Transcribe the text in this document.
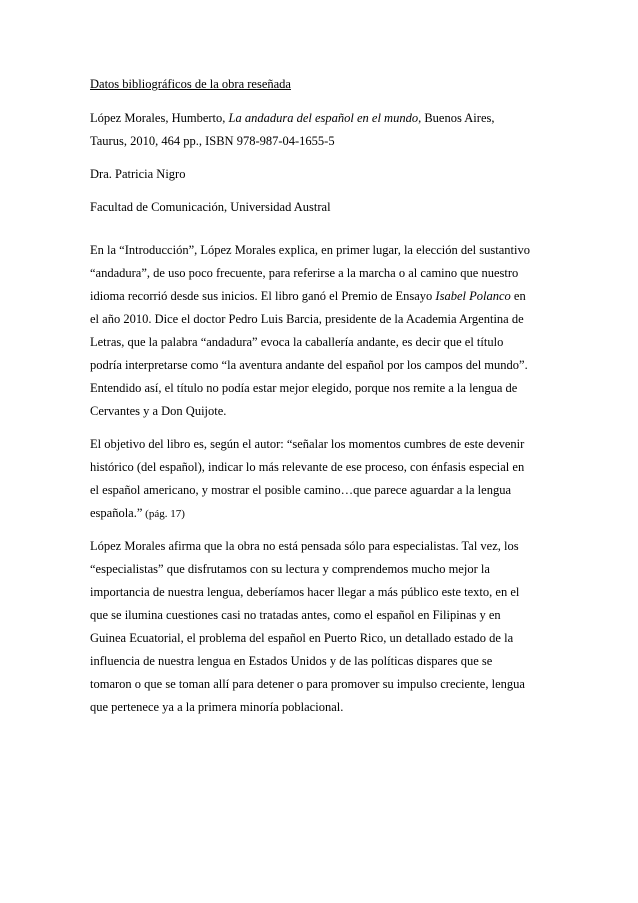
Datos bibliográficos de la obra reseñada

López Morales, Humberto, La andadura del español en el mundo, Buenos Aires,

Taurus, 2010, 464 pp., ISBN 978-987-04-1655-5

Dra. Patricia Nigro

Facultad de Comunicación, Universidad Austral

En la “Introducción”, López Morales explica, en primer lugar, la elección del sustantivo

“andadura”, de uso poco frecuente, para referirse a la marcha o al camino que nuestro

idioma recorrió desde sus inicios. El libro ganó el Premio de Ensayo Isabel Polanco en

el año 2010. Dice el doctor Pedro Luis Barcia, presidente de la Academia Argentina de

Letras, que la palabra “andadura” evoca la caballería andante, es decir que el título

podría interpretarse como “la aventura andante del español por los campos del mundo”.

Entendido así, el título no podía estar mejor elegido, porque nos remite a la lengua de

Cervantes y a Don Quijote.

El objetivo del libro es, según el autor: “señalar los momentos cumbres de este devenir

histórico (del español), indicar lo más relevante de ese proceso, con énfasis especial en

el español americano, y mostrar el posible camino…que parece aguardar a la lengua

española.” (pág. 17)

López Morales afirma que la obra no está pensada sólo para especialistas. Tal vez, los

“especialistas” que disfrutamos con su lectura y comprendemos mucho mejor la

importancia de nuestra lengua, deberíamos hacer llegar a más público este texto, en el

que se ilumina cuestiones casi no tratadas antes, como el español en Filipinas y en

Guinea Ecuatorial, el problema del español en Puerto Rico, un detallado estado de la

influencia de nuestra lengua en Estados Unidos y de las políticas dispares que se

tomaron o que se toman allí para detener o para promover su impulso creciente, lengua

que pertenece ya a la primera minoría poblacional.
